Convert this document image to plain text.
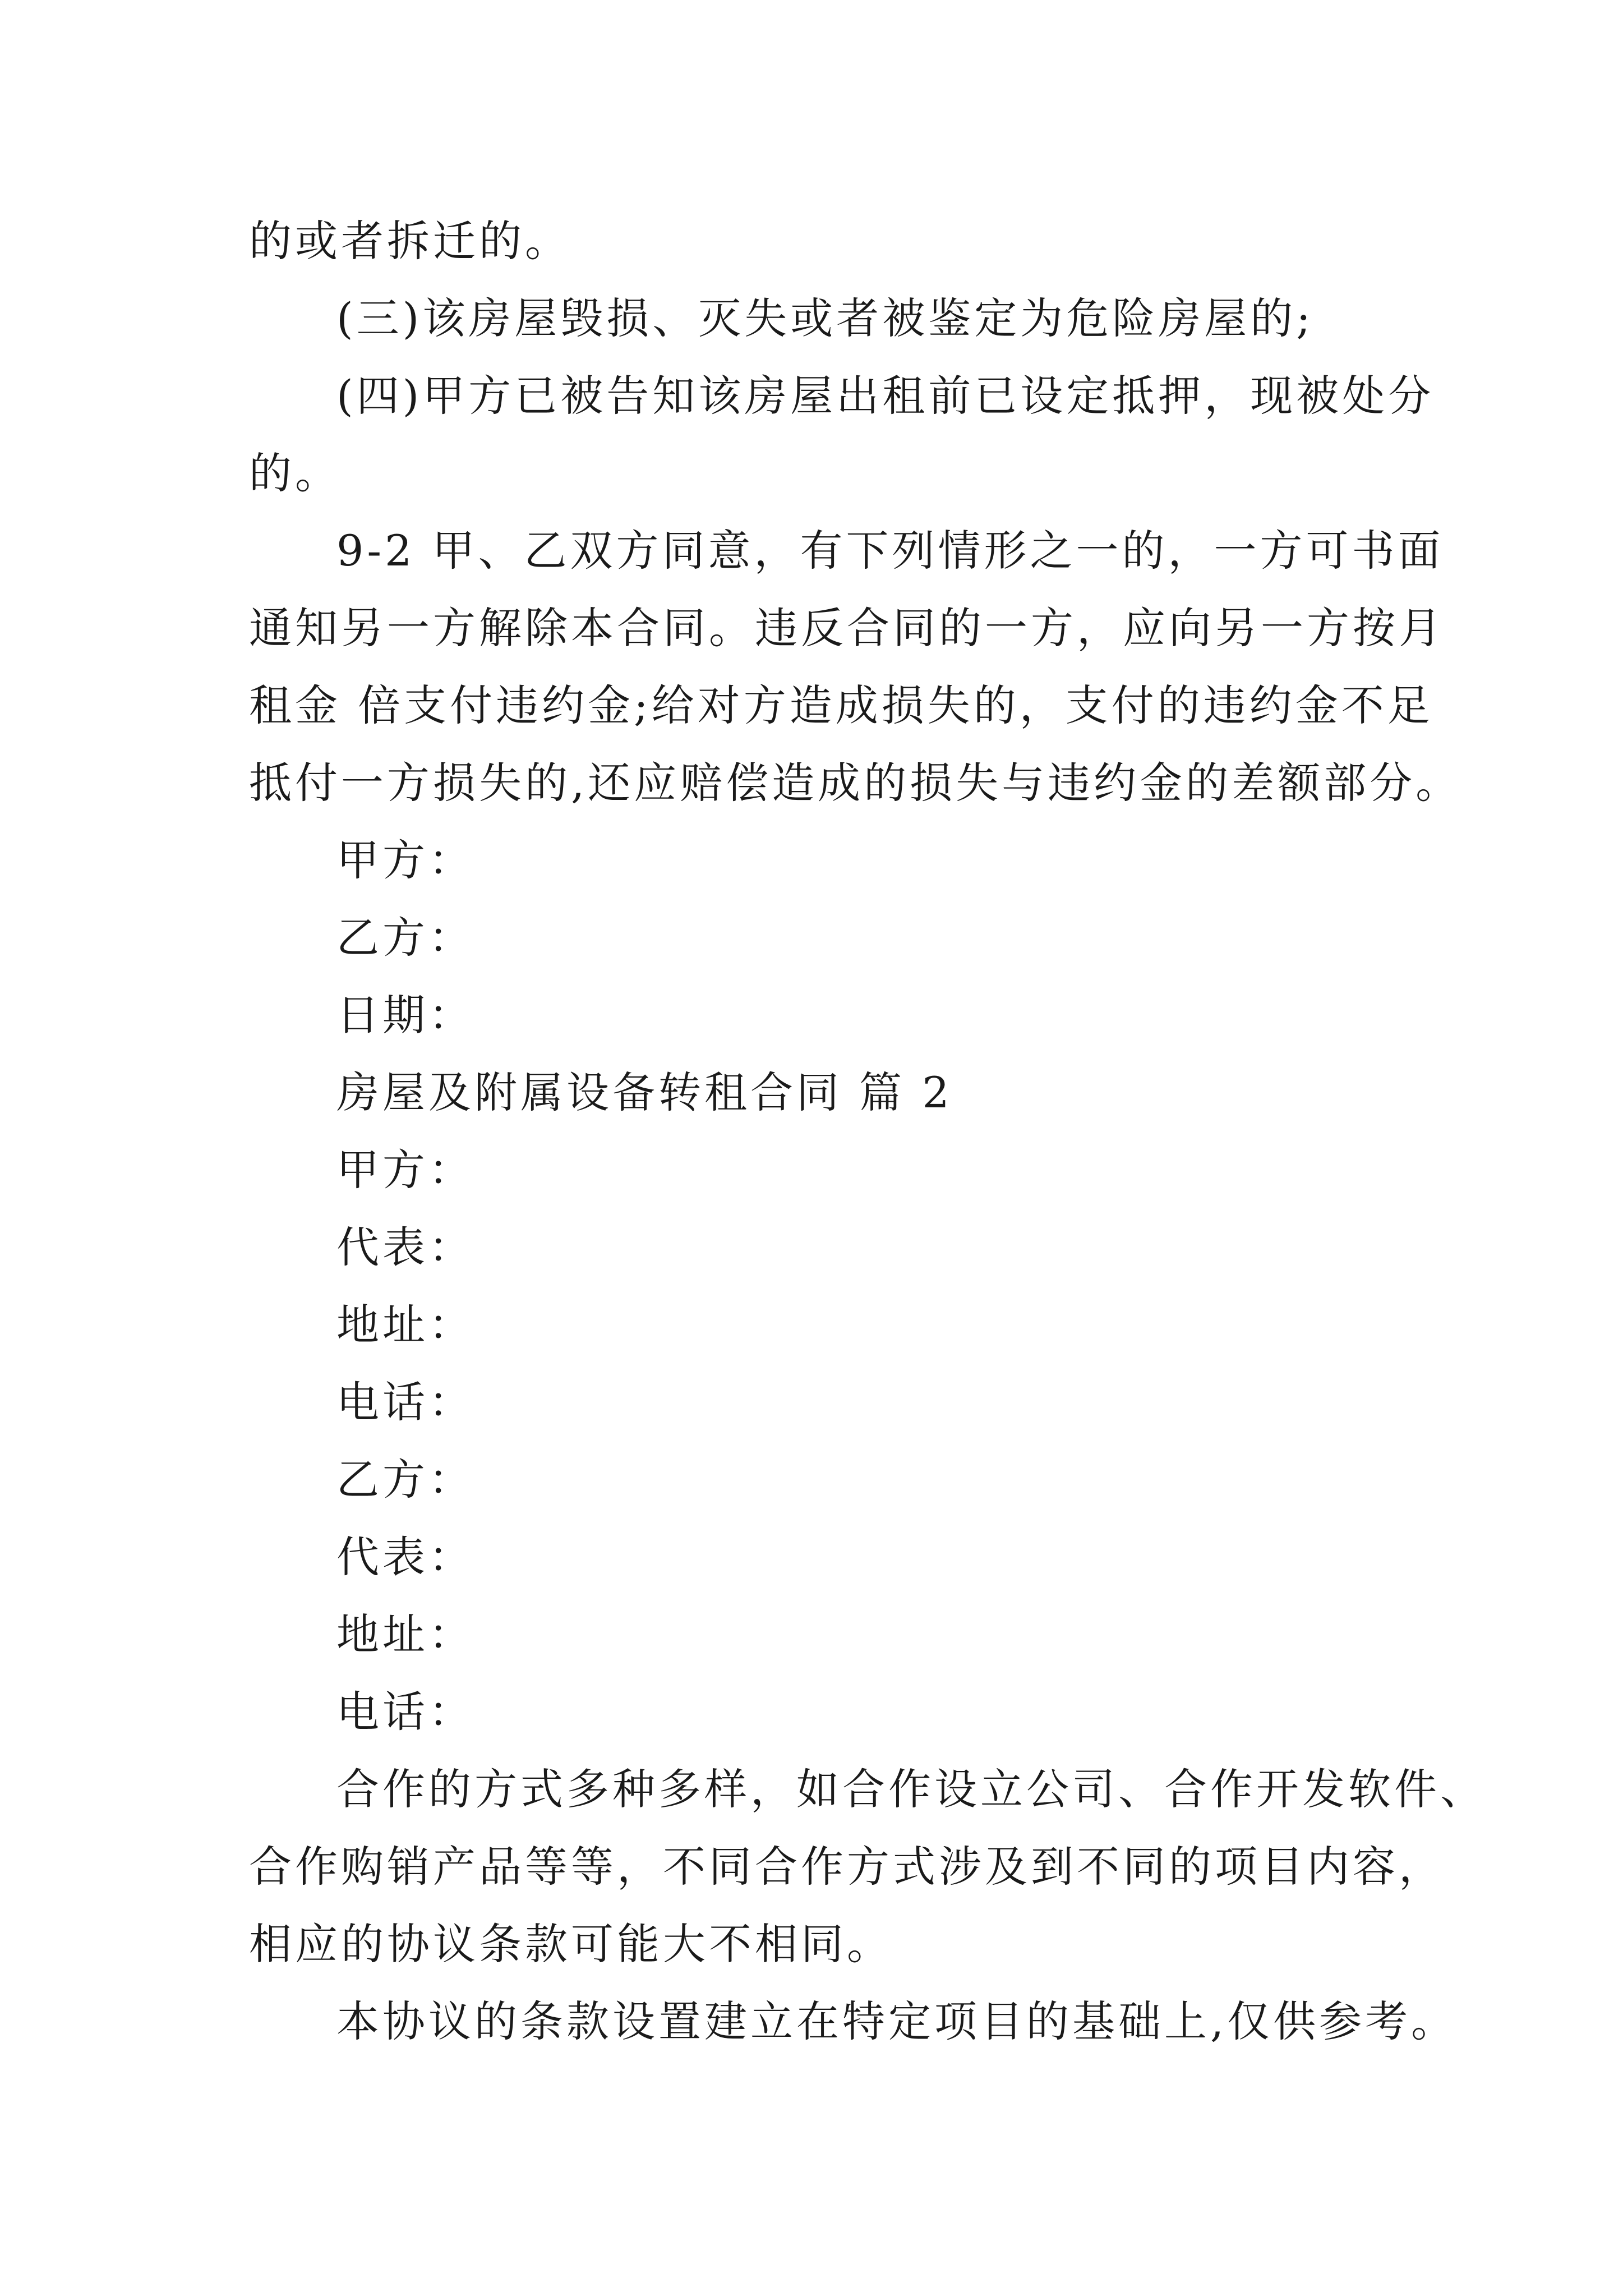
的或者拆迁的。
(三)该房屋毁损、灭失或者被鉴定为危险房屋的;
(四)甲方已被告知该房屋出租前已设定抵押，现被处分
的。
9-2 甲、乙双方同意，有下列情形之一的，一方可书面
通知另一方解除本合同。违反合同的一方，应向另一方按月
租金 倍支付违约金;给对方造成损失的，支付的违约金不足
抵付一方损失的,还应赔偿造成的损失与违约金的差额部分。
甲方：
乙方：
日期：
房屋及附属设备转租合同 篇 2
甲方：
代表：
地址：
电话：
乙方：
代表：
地址：
电话：
合作的方式多种多样，如合作设立公司、合作开发软件、
合作购销产品等等，不同合作方式涉及到不同的项目内容，
相应的协议条款可能大不相同。
本协议的条款设置建立在特定项目的基础上,仅供参考。
